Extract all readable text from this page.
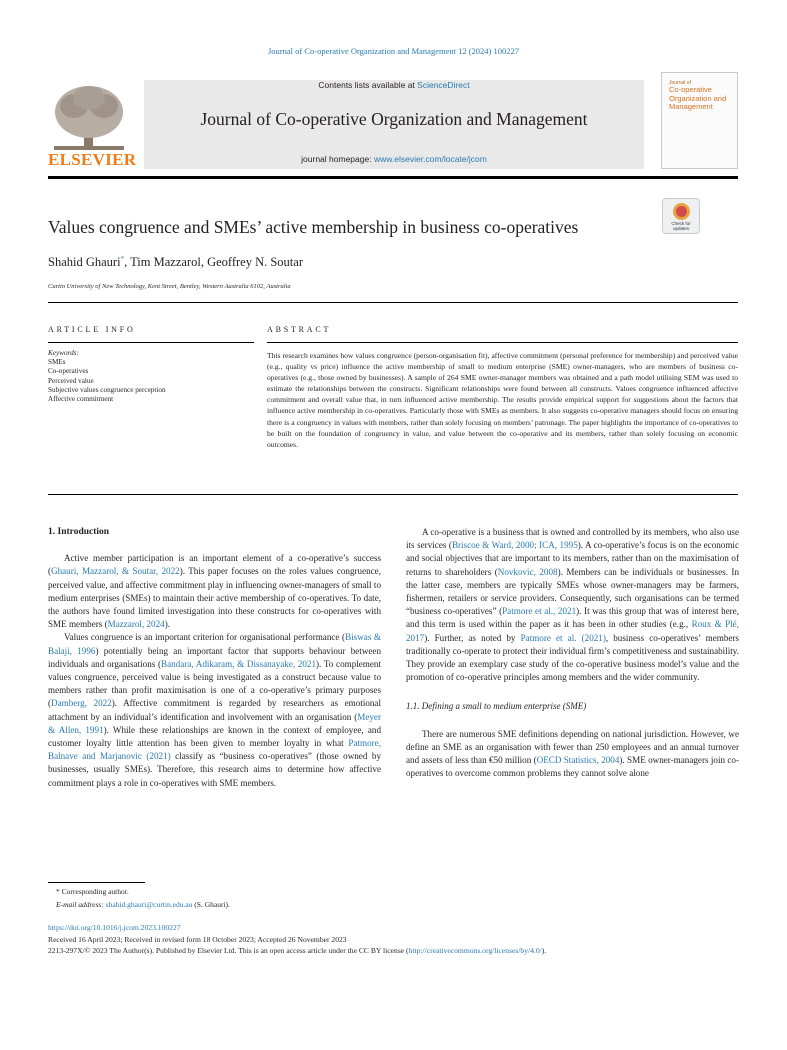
Journal of Co-operative Organization and Management 12 (2024) 100227
ELSEVIER
Contents lists available at ScienceDirect
Journal of Co-operative Organization and Management
journal homepage: www.elsevier.com/locate/jcom
Journal of
Co-operative Organization and Management
Values congruence and SMEs’ active membership in business co-operatives	Check for updates
Shahid Ghauri*, Tim Mazzarol, Geoffrey N. Soutar
Curtin University of New Technology, Kent Street, Bentley, Western Australia 6102, Australia
ARTICLE INFO	ABSTRACT
Keywords:
SMEs
Co-operatives
Perceived value
Subjective values congruence perception
Affective commitment
This research examines how values congruence (person-organisation fit), affective commitment (personal preference for membership) and perceived value (e.g., quality vs price) influence the active membership of small to medium enterprise (SME) owner-managers, who are members of business co-operatives (e.g., those owned by businesses). A sample of 264 SME owner-manager members was obtained and a path model utilising SEM was used to estimate the relationships between the constructs. Significant relationships were found between all constructs. Values congruence influenced affective commitment and overall value that, in turn influenced active membership. The results provide empirical support for suggestions about the factors that influence active membership in co-operatives. Particularly those with SMEs as members. It also suggests co-operative managers should focus on ensuring there is a congruency in values with members, rather than solely focusing on members’ patronage. The paper highlights the importance of co-operatives to be built on the foundation of congruency in value, and value between the co-operative and its members, rather than solely focusing on economic outcomes.

1. Introduction

Active member participation is an important element of a co-operative’s success (Ghauri, Mazzarol, & Soutar, 2022). This paper focuses on the roles values congruence, perceived value, and affective commitment play in influencing owner-managers of small to medium enterprises (SMEs) to maintain their active membership of co-operatives. To date, the authors have found limited investigation into these constructs for co-operatives with SME members (Mazzarol, 2024).

Values congruence is an important criterion for organisational performance (Biswas & Balaji, 1996) potentially being an important factor that supports behaviour between individuals and organisations (Bandara, Adikaram, & Dissanayake, 2021). To complement values congruence, perceived value is being investigated as a construct because value to members rather than profit maximisation is one of a co-operative’s primary purposes (Damberg, 2022). Affective commitment is regarded by researchers as emotional attachment by an individual’s identification and involvement with an organisation (Meyer & Allen, 1991). While these relationships are known in the context of employee, and customer loyalty little attention has been given to member loyalty in what Patmore, Balnave and Marjanovic (2021) classify as “business co-operatives” (those owned by businesses, usually SMEs). Therefore, this research aims to determine how affective commitment plays a role in co-operatives with SME members.

A co-operative is a business that is owned and controlled by its members, who also use its services (Briscoe & Ward, 2000; ICA, 1995). A co-operative’s focus is on the economic and social objectives that are important to its members, rather than on the maximisation of returns to shareholders (Novkovic, 2008). Members can be individuals or businesses. In the latter case, members are typically SMEs whose owner-managers may be farmers, fishermen, retailers or service providers. Consequently, such organisations can be termed “business co-operatives” (Patmore et al., 2021). It was this group that was of interest here, and this term is used within the paper as it has been in other studies (e.g., Roux & Plé, 2017). Further, as noted by Patmore et al. (2021), business co-operatives’ members traditionally co-operate to protect their individual firm’s competitiveness and sustainability. They provide an exemplary case study of the co-operative business model’s value and the promotion of co-operative principles among members and the wider community.

1.1. Defining a small to medium enterprise (SME)

There are numerous SME definitions depending on national jurisdiction. However, we define an SME as an organisation with fewer than 250 employees and an annual turnover and assets of less than €50 million (OECD Statistics, 2004). SME owner-managers join co-operatives to overcome common problems they cannot solve alone

* Corresponding author.
E-mail address: shahid.ghauri@curtin.edu.au (S. Ghauri).
https://doi.org/10.1016/j.jcom.2023.100227
Received 16 April 2023; Received in revised form 18 October 2023; Accepted 26 November 2023
2213-297X/© 2023 The Author(s). Published by Elsevier Ltd. This is an open access article under the CC BY license (http://creativecommons.org/licenses/by/4.0/).
